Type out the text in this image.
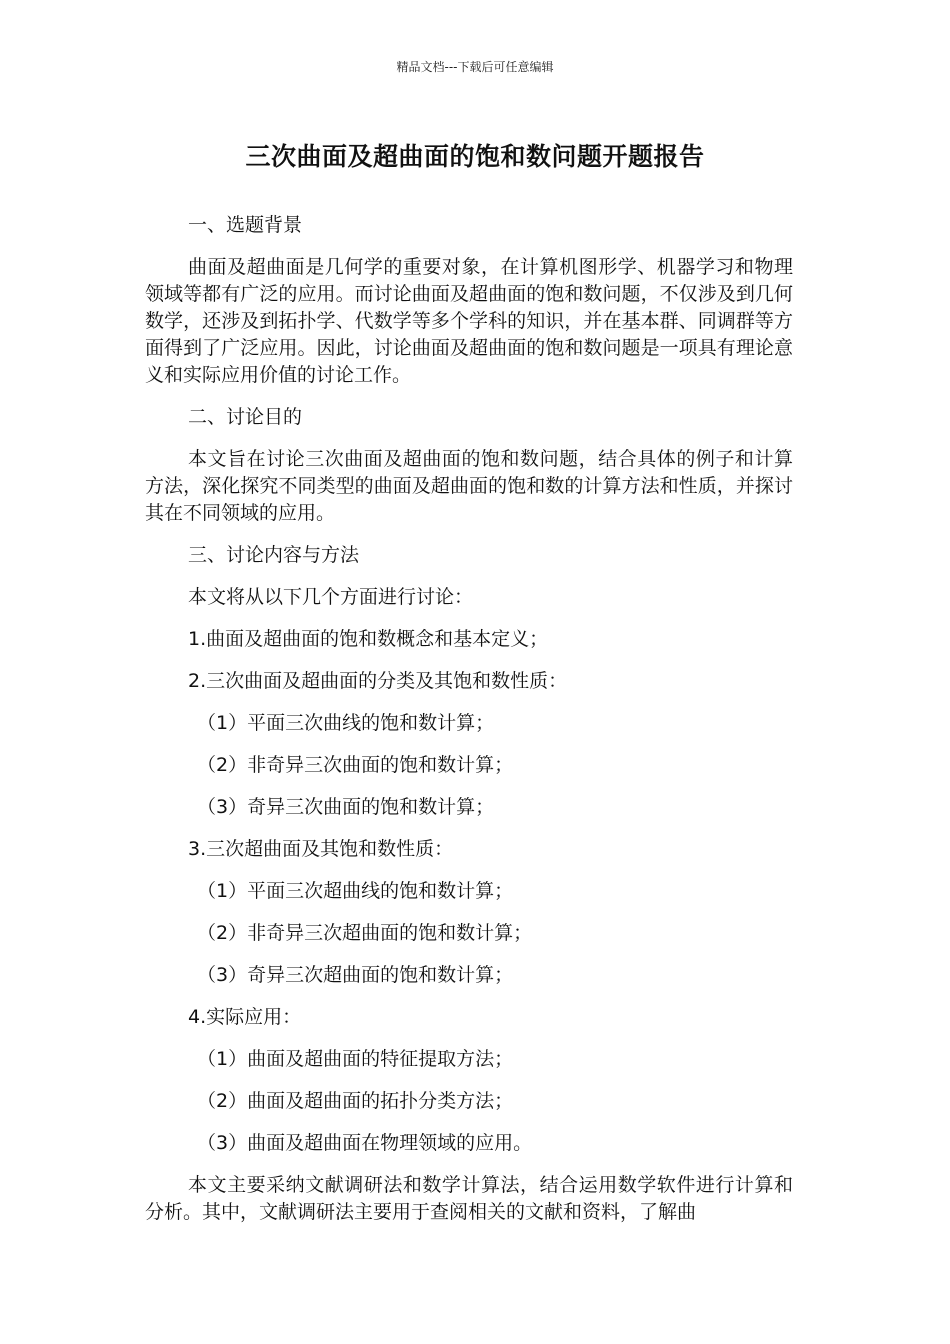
精品文档---下载后可任意编辑
三次曲面及超曲面的饱和数问题开题报告
一、选题背景
曲面及超曲面是几何学的重要对象，在计算机图形学、机器学习和物理领域等都有广泛的应用。而讨论曲面及超曲面的饱和数问题，不仅涉及到几何数学，还涉及到拓扑学、代数学等多个学科的知识，并在基本群、同调群等方面得到了广泛应用。因此，讨论曲面及超曲面的饱和数问题是一项具有理论意义和实际应用价值的讨论工作。
二、讨论目的
本文旨在讨论三次曲面及超曲面的饱和数问题，结合具体的例子和计算方法，深化探究不同类型的曲面及超曲面的饱和数的计算方法和性质，并探讨其在不同领域的应用。
三、讨论内容与方法
本文将从以下几个方面进行讨论：
1.曲面及超曲面的饱和数概念和基本定义；
2.三次曲面及超曲面的分类及其饱和数性质：
（1）平面三次曲线的饱和数计算；
（2）非奇异三次曲面的饱和数计算；
（3）奇异三次曲面的饱和数计算；
3.三次超曲面及其饱和数性质：
（1）平面三次超曲线的饱和数计算；
（2）非奇异三次超曲面的饱和数计算；
（3）奇异三次超曲面的饱和数计算；
4.实际应用：
（1）曲面及超曲面的特征提取方法；
（2）曲面及超曲面的拓扑分类方法；
（3）曲面及超曲面在物理领域的应用。
本文主要采纳文献调研法和数学计算法，结合运用数学软件进行计算和分析。其中，文献调研法主要用于查阅相关的文献和资料，了解曲
